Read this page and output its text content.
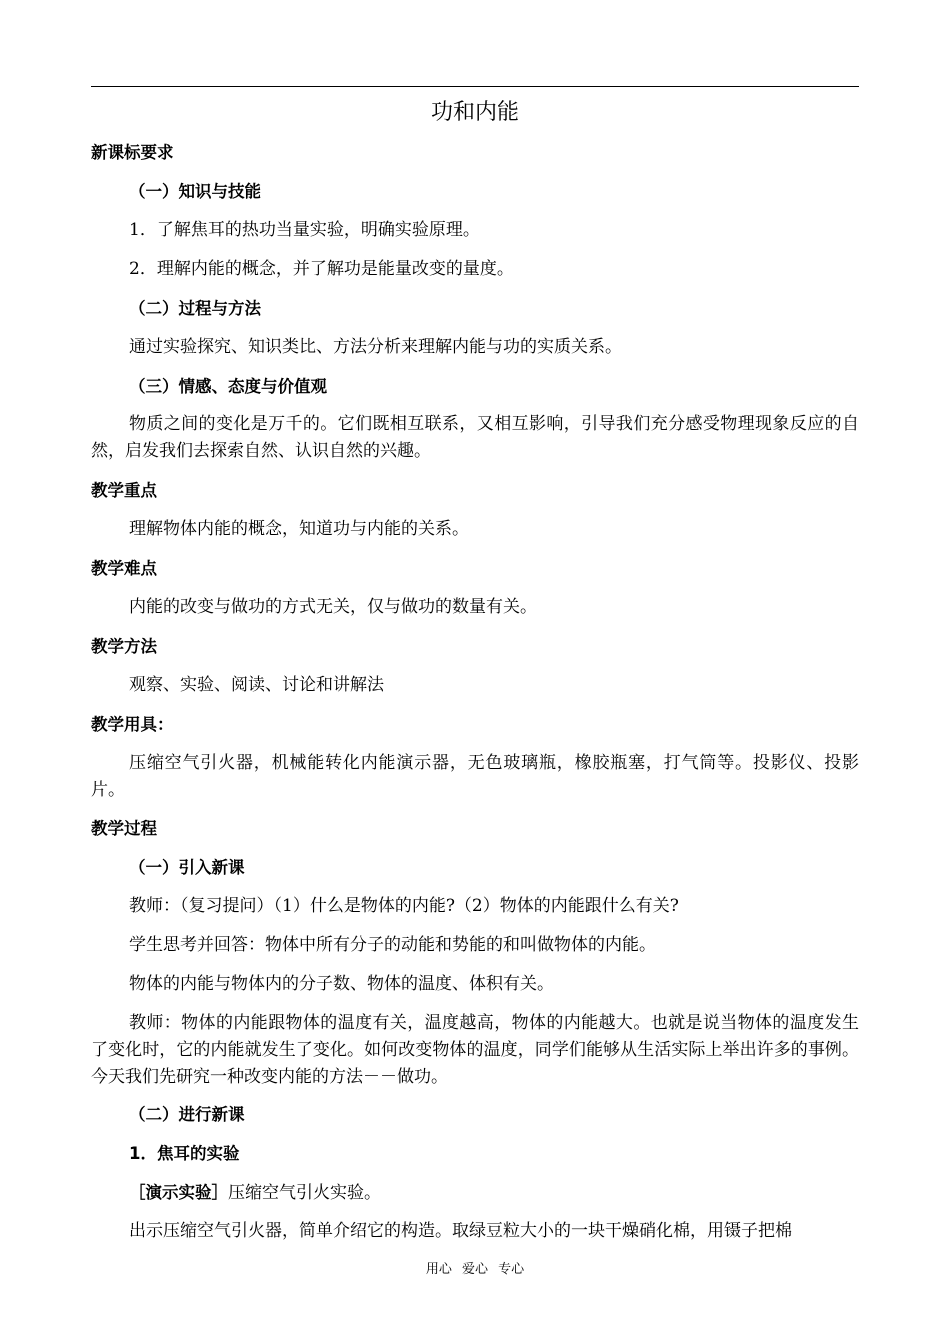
功和内能
新课标要求
（一）知识与技能
1．了解焦耳的热功当量实验，明确实验原理。
2．理解内能的概念，并了解功是能量改变的量度。
（二）过程与方法
通过实验探究、知识类比、方法分析来理解内能与功的实质关系。
（三）情感、态度与价值观
物质之间的变化是万千的。它们既相互联系，又相互影响，引导我们充分感受物理现象反应的自然，启发我们去探索自然、认识自然的兴趣。
教学重点
理解物体内能的概念，知道功与内能的关系。
教学难点
内能的改变与做功的方式无关，仅与做功的数量有关。
教学方法
观察、实验、阅读、讨论和讲解法
教学用具：
压缩空气引火器，机械能转化内能演示器，无色玻璃瓶，橡胶瓶塞，打气筒等。投影仪、投影片。
教学过程
（一）引入新课
教师：（复习提问）（1）什么是物体的内能?（2）物体的内能跟什么有关?
学生思考并回答：物体中所有分子的动能和势能的和叫做物体的内能。
物体的内能与物体内的分子数、物体的温度、体积有关。
教师：物体的内能跟物体的温度有关，温度越高，物体的内能越大。也就是说当物体的温度发生了变化时，它的内能就发生了变化。如何改变物体的温度，同学们能够从生活实际上举出许多的事例。今天我们先研究一种改变内能的方法－－做功。
（二）进行新课
1．焦耳的实验
［演示实验］压缩空气引火实验。
出示压缩空气引火器，简单介绍它的构造。取绿豆粒大小的一块干燥硝化棉，用镊子把棉
用心 爱心 专心
